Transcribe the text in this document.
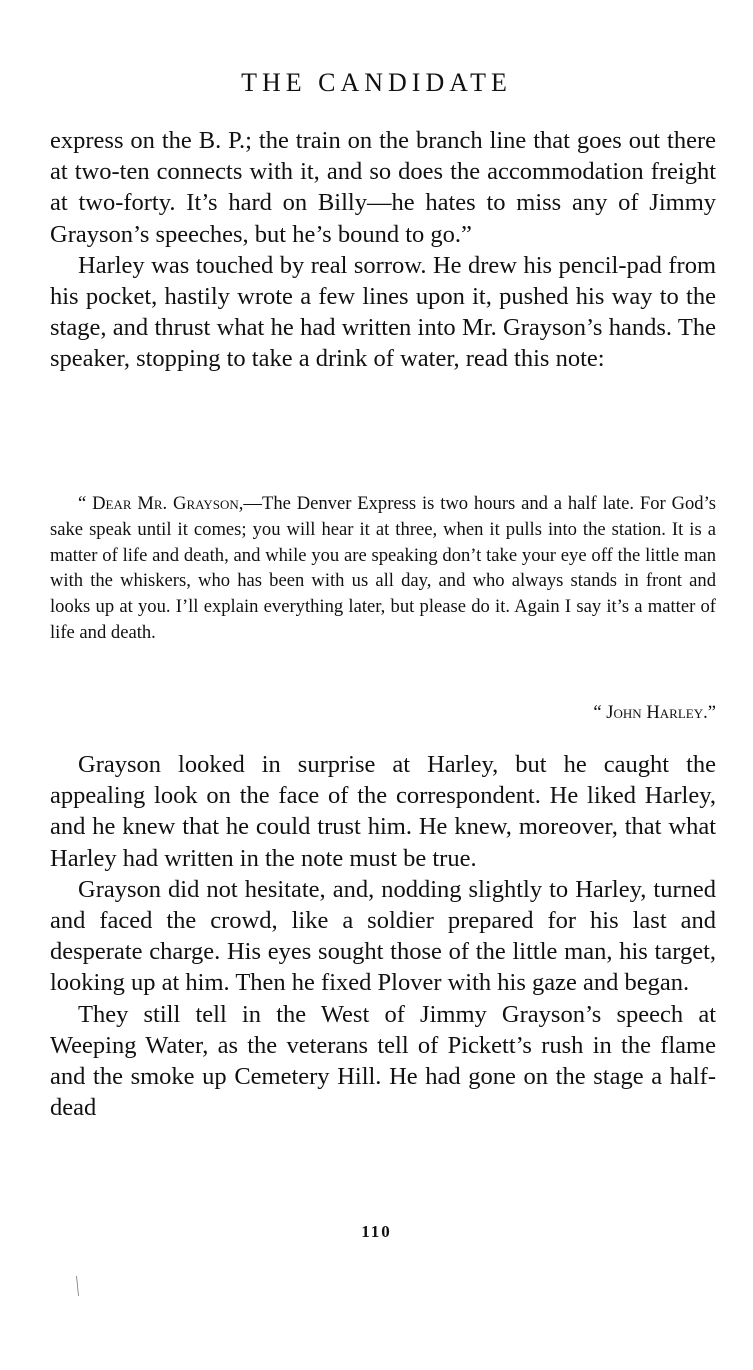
THE CANDIDATE

express on the B. P.; the train on the branch line that goes out there at two-ten connects with it, and so does the accommodation freight at two-forty. It’s hard on Billy—he hates to miss any of Jimmy Grayson’s speeches, but he’s bound to go.”

Harley was touched by real sorrow. He drew his pencil-pad from his pocket, hastily wrote a few lines upon it, pushed his way to the stage, and thrust what he had written into Mr. Grayson’s hands. The speaker, stopping to take a drink of water, read this note:

“ Dear Mr. Grayson,—The Denver Express is two hours and a half late. For God’s sake speak until it comes; you will hear it at three, when it pulls into the station. It is a matter of life and death, and while you are speaking don’t take your eye off the little man with the whiskers, who has been with us all day, and who always stands in front and looks up at you. I’ll explain everything later, but please do it. Again I say it’s a matter of life and death.

“ John Harley.”

Grayson looked in surprise at Harley, but he caught the appealing look on the face of the correspondent. He liked Harley, and he knew that he could trust him. He knew, moreover, that what Harley had written in the note must be true.

Grayson did not hesitate, and, nodding slightly to Harley, turned and faced the crowd, like a soldier prepared for his last and desperate charge. His eyes sought those of the little man, his target, looking up at him. Then he fixed Plover with his gaze and began.

They still tell in the West of Jimmy Grayson’s speech at Weeping Water, as the veterans tell of Pickett’s rush in the flame and the smoke up Cemetery Hill. He had gone on the stage a half-dead

110
